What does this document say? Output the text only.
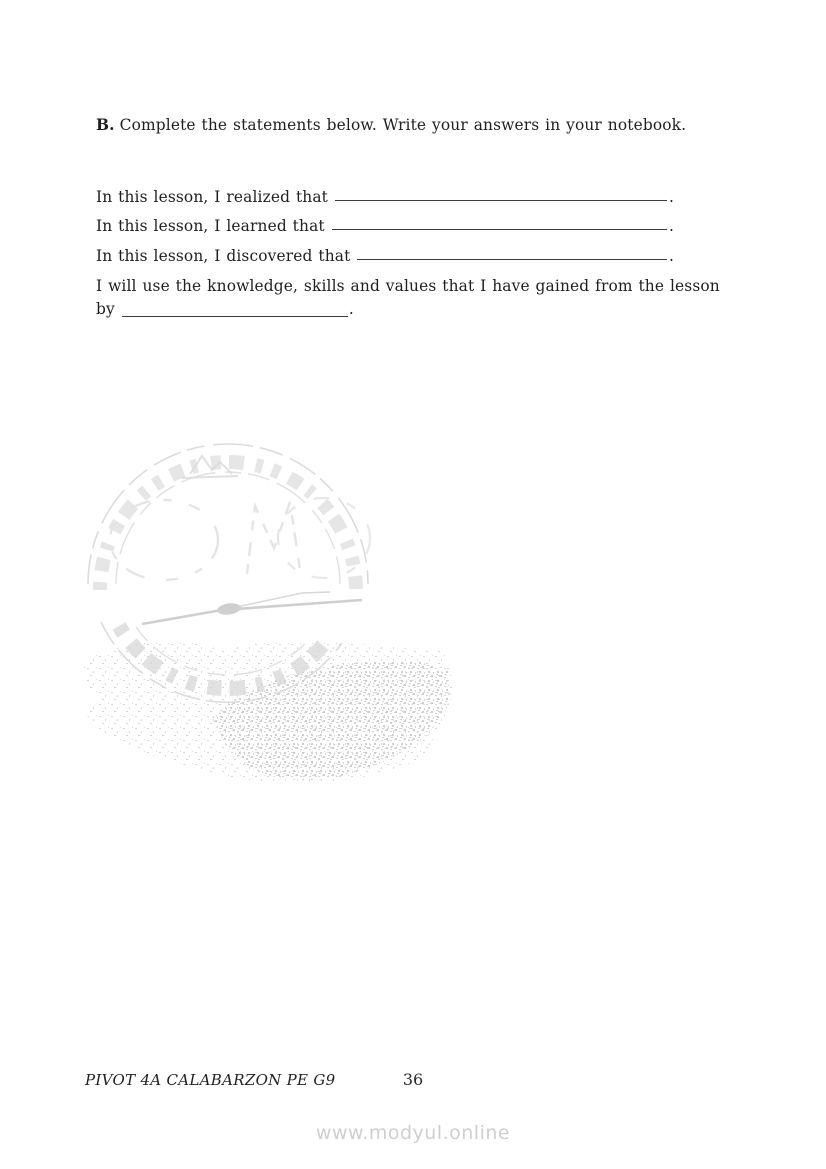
B. Complete the statements below. Write your answers in your notebook.
In this lesson, I realized that	.
In this lesson, I learned that	.
In this lesson, I discovered that	.
I will use the knowledge, skills and values that I have gained from the lesson
by	.
PIVOT 4A CALABARZON PE G9	36
www.modyul.online
